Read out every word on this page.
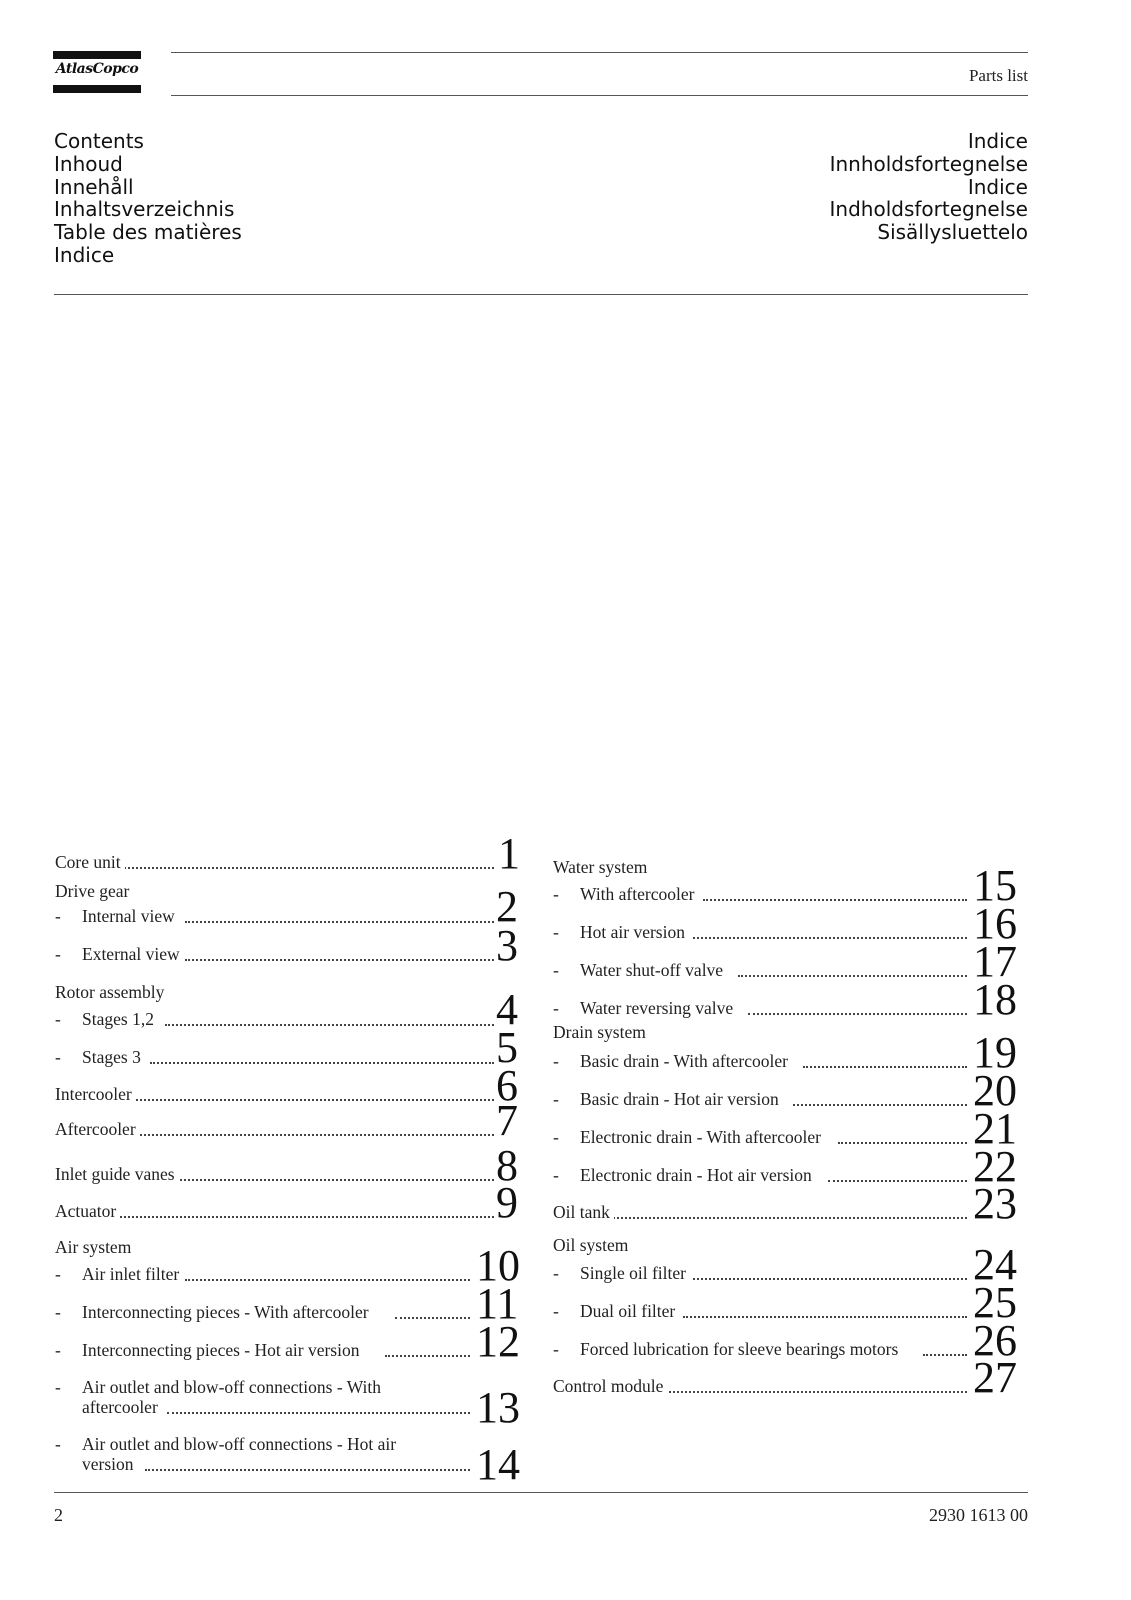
AtlasCopco	Parts list
Contents
Inhoud
Innehåll
Inhaltsverzeichnis
Table des matières
Indice
Indice
Innholdsfortegnelse
Indice
Indholdsfortegnelse
Sisällysluettelo
Core unit	1
Drive gear
- Internal view	2
- External view	3
Rotor assembly
- Stages 1,2	4
- Stages 3	5
Intercooler	6
Aftercooler	7
Inlet guide vanes	8
Actuator	9
Air system
- Air inlet filter	10
- Interconnecting pieces - With aftercooler 11
- Interconnecting pieces - Hot air version	12
- Air outlet and blow-off connections - With
aftercooler	13
- Air outlet and blow-off connections - Hot air
version	14
Water system
- With aftercooler	15
- Hot air version	16
- Water shut-off valve	17
- Water reversing valve	18
Drain system
- Basic drain - With aftercooler	19
- Basic drain - Hot air version	20
- Electronic drain - With aftercooler	21
- Electronic drain - Hot air version	22
Oil tank	23
Oil system
- Single oil filter	24
- Dual oil filter	25
- Forced lubrication for sleeve bearings motors 26
Control module	27
2	2930 1613 00
